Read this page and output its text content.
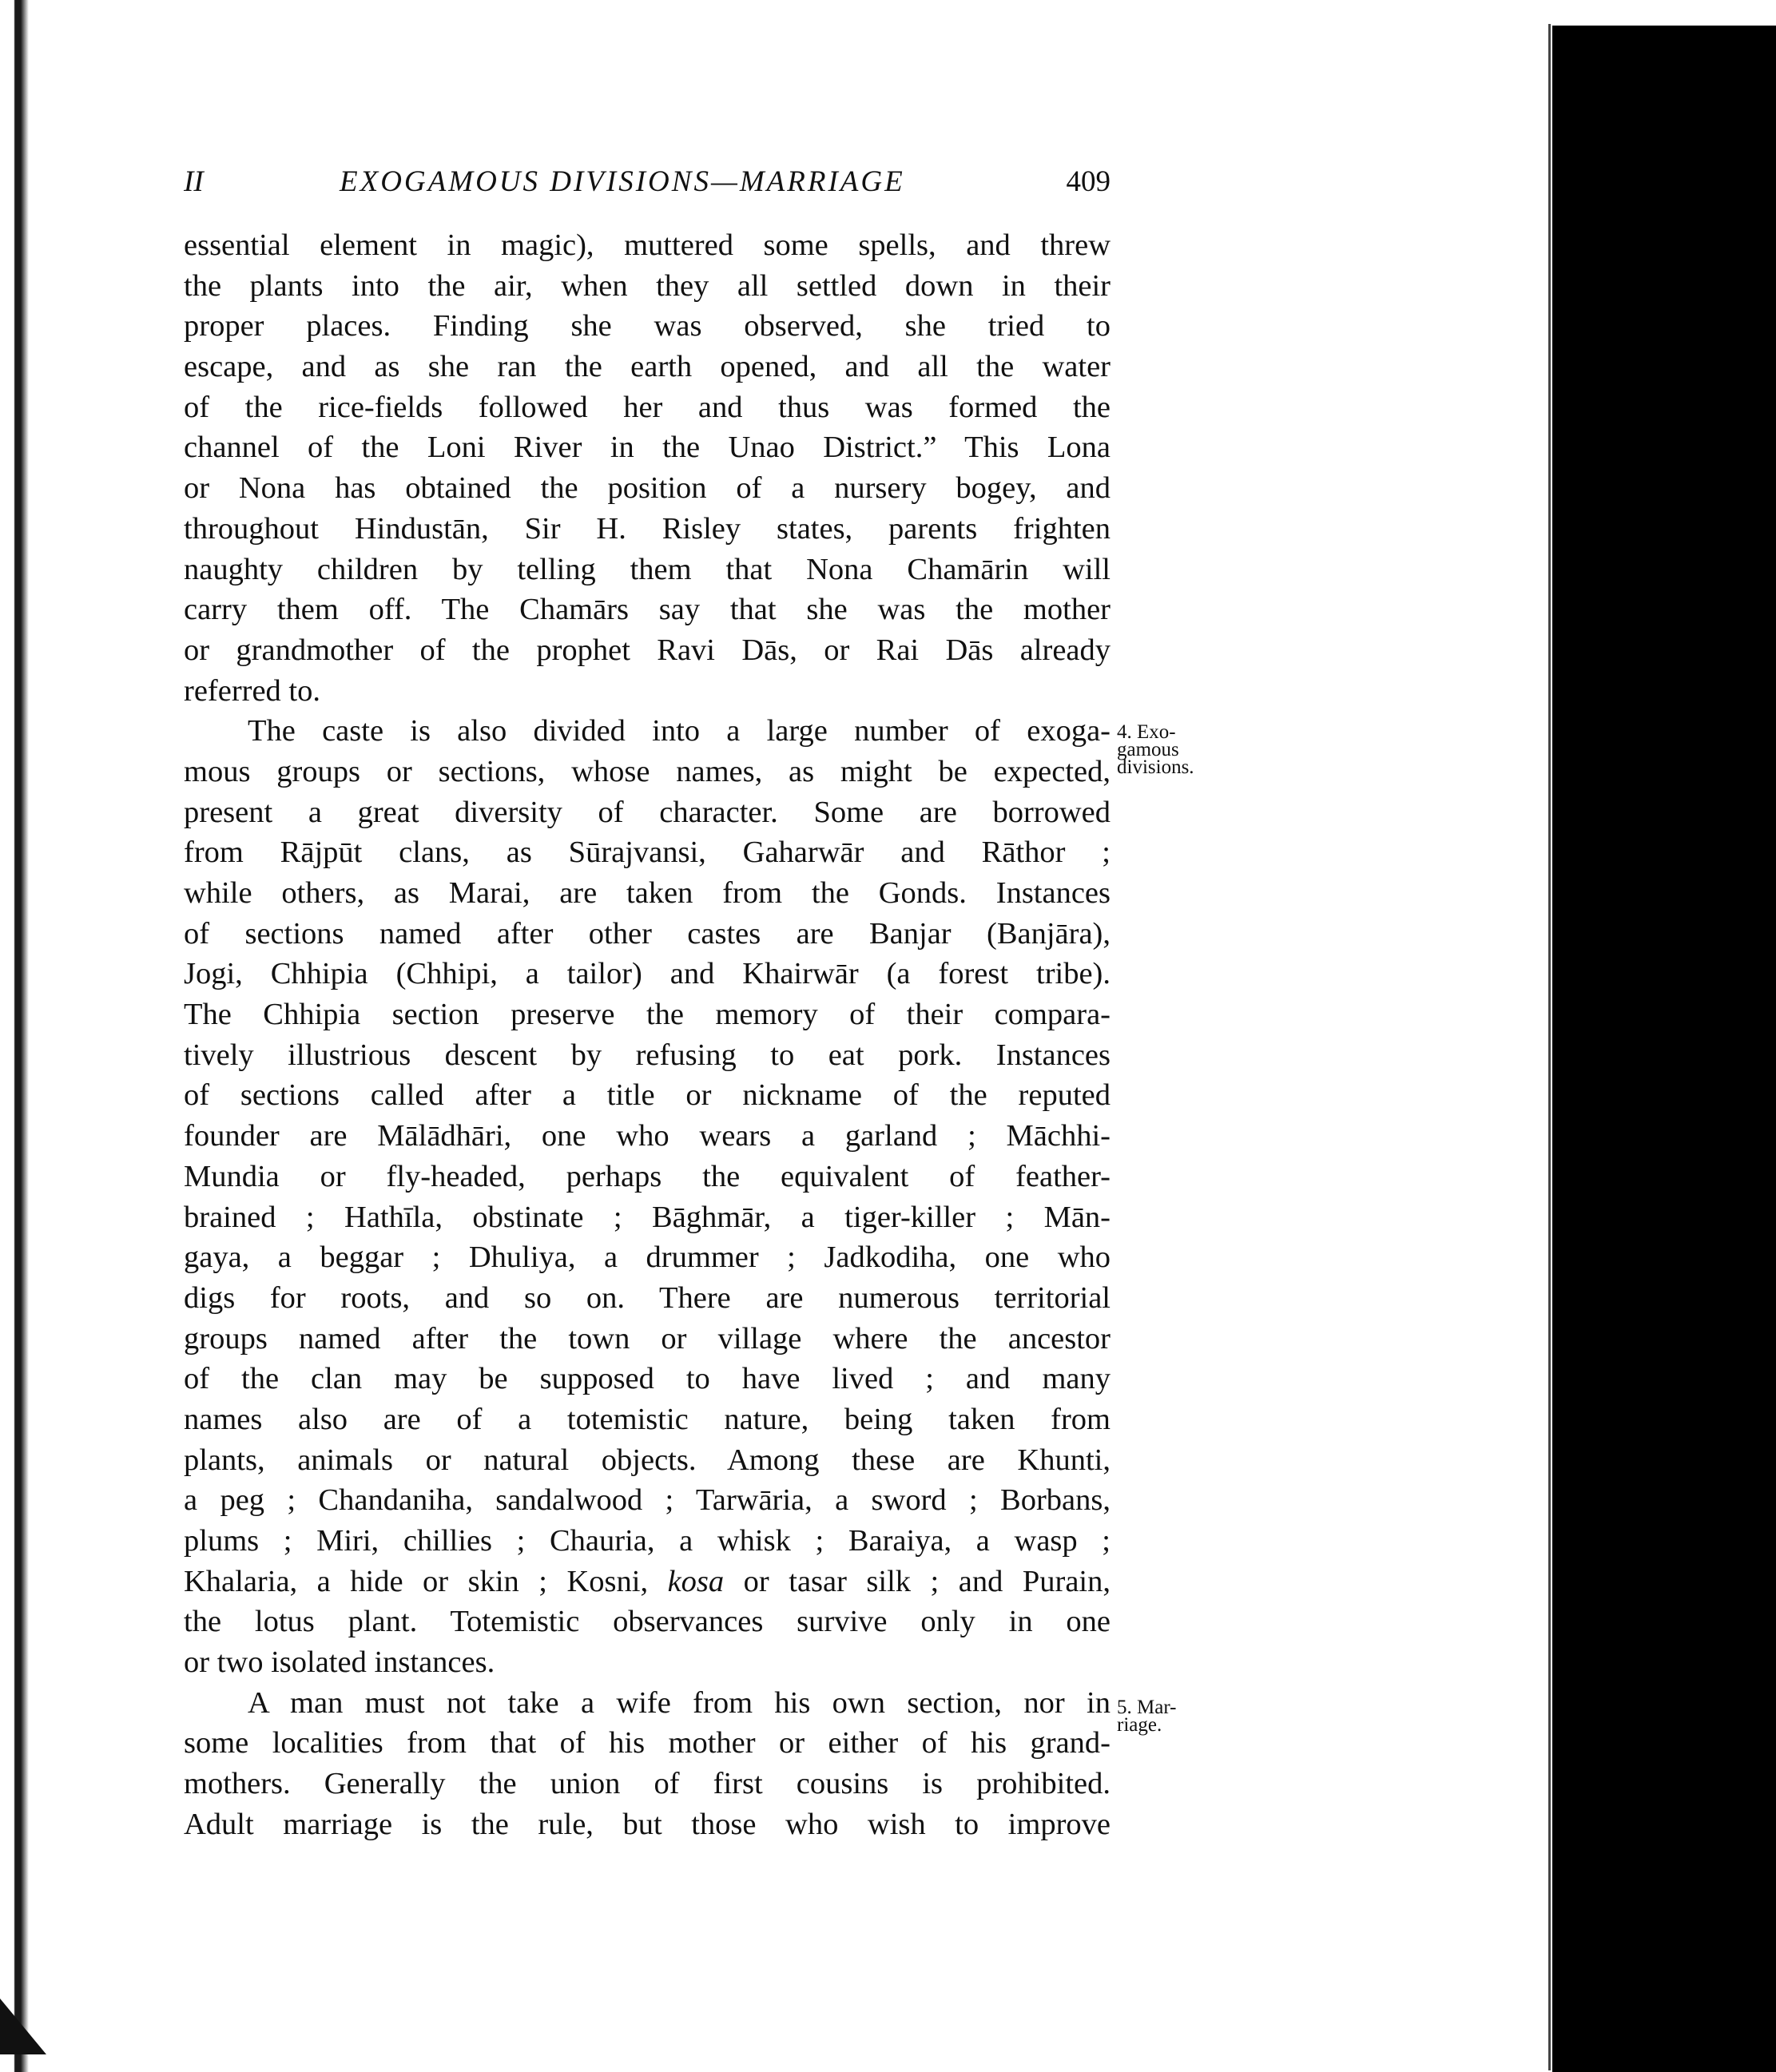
II	EXOGAMOUS DIVISIONS—MARRIAGE	409
essential element in magic), muttered some spells, and threw
the plants into the air, when they all settled down in their
proper places. Finding she was observed, she tried to
escape, and as she ran the earth opened, and all the water
of the rice-fields followed her and thus was formed the
channel of the Loni River in the Unao District.” This Lona
or Nona has obtained the position of a nursery bogey, and
throughout Hindustān, Sir H. Risley states, parents frighten
naughty children by telling them that Nona Chamārin will
carry them off. The Chamārs say that she was the mother
or grandmother of the prophet Ravi Dās, or Rai Dās already
referred to.
The caste is also divided into a large number of exoga-
mous groups or sections, whose names, as might be expected,
present a great diversity of character. Some are borrowed
from Rājpūt clans, as Sūrajvansi, Gaharwār and Rāthor ;
while others, as Marai, are taken from the Gonds. Instances
of sections named after other castes are Banjar (Banjāra),
Jogi, Chhipia (Chhipi, a tailor) and Khairwār (a forest tribe).
The Chhipia section preserve the memory of their compara-
tively illustrious descent by refusing to eat pork. Instances
of sections called after a title or nickname of the reputed
founder are Mālādhāri, one who wears a garland ; Māchhi-
Mundia or fly-headed, perhaps the equivalent of feather-
brained ; Hathīla, obstinate ; Bāghmār, a tiger-killer ; Mān-
gaya, a beggar ; Dhuliya, a drummer ; Jadkodiha, one who
digs for roots, and so on. There are numerous territorial
groups named after the town or village where the ancestor
of the clan may be supposed to have lived ; and many
names also are of a totemistic nature, being taken from
plants, animals or natural objects. Among these are Khunti,
a peg ; Chandaniha, sandalwood ; Tarwāria, a sword ; Borbans,
plums ; Miri, chillies ; Chauria, a whisk ; Baraiya, a wasp ;
Khalaria, a hide or skin ; Kosni, kosa or tasar silk ; and Purain,
the lotus plant. Totemistic observances survive only in one
or two isolated instances.
A man must not take a wife from his own section, nor in
some localities from that of his mother or either of his grand-
mothers. Generally the union of first cousins is prohibited.
Adult marriage is the rule, but those who wish to improve
4. Exo-
gamous
divisions.
5. Mar-
riage.
